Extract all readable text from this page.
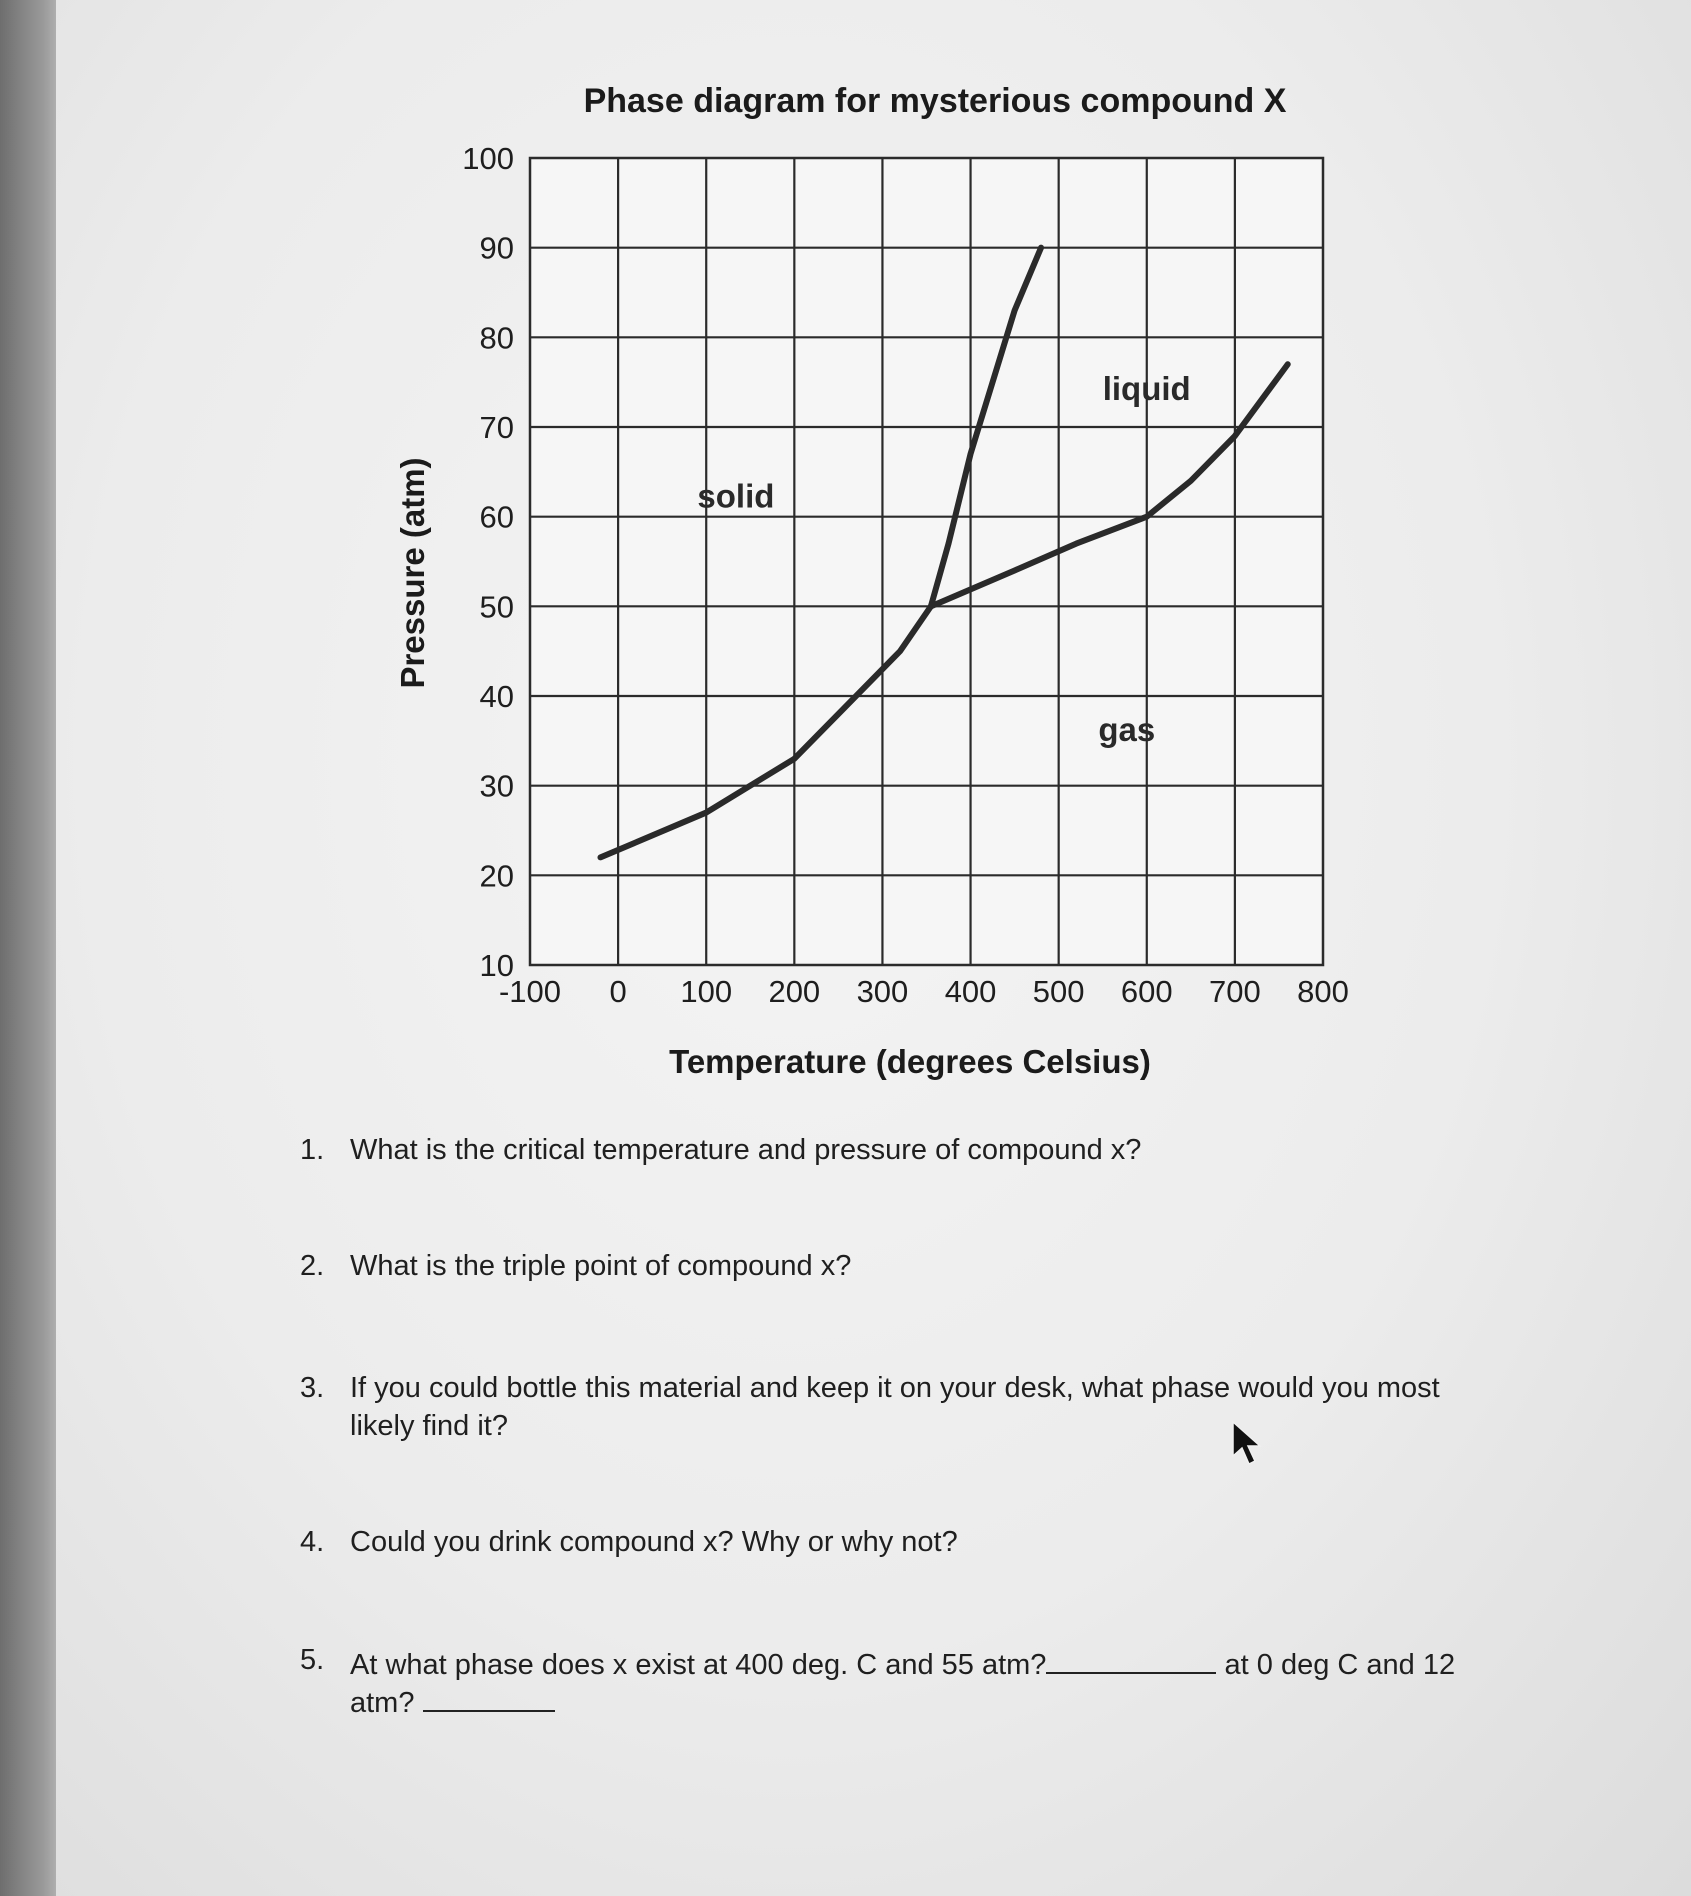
Phase diagram for mysterious compound X
-100 0 100 200 300 400 500 600 700 800
100
90
80
70
60
50
40
30
20
10
solid
liquid
gas
Temperature (degrees Celsius)
Pressure (atm)
1. What is the critical temperature and pressure of compound x?
2. What is the triple point of compound x?
3. If you could bottle this material and keep it on your desk, what phase would you most
likely find it?
4. Could you drink compound x? Why or why not?
5. At what phase does x exist at 400 deg. C and 55 atm?	at 0 deg C and 12
atm?
